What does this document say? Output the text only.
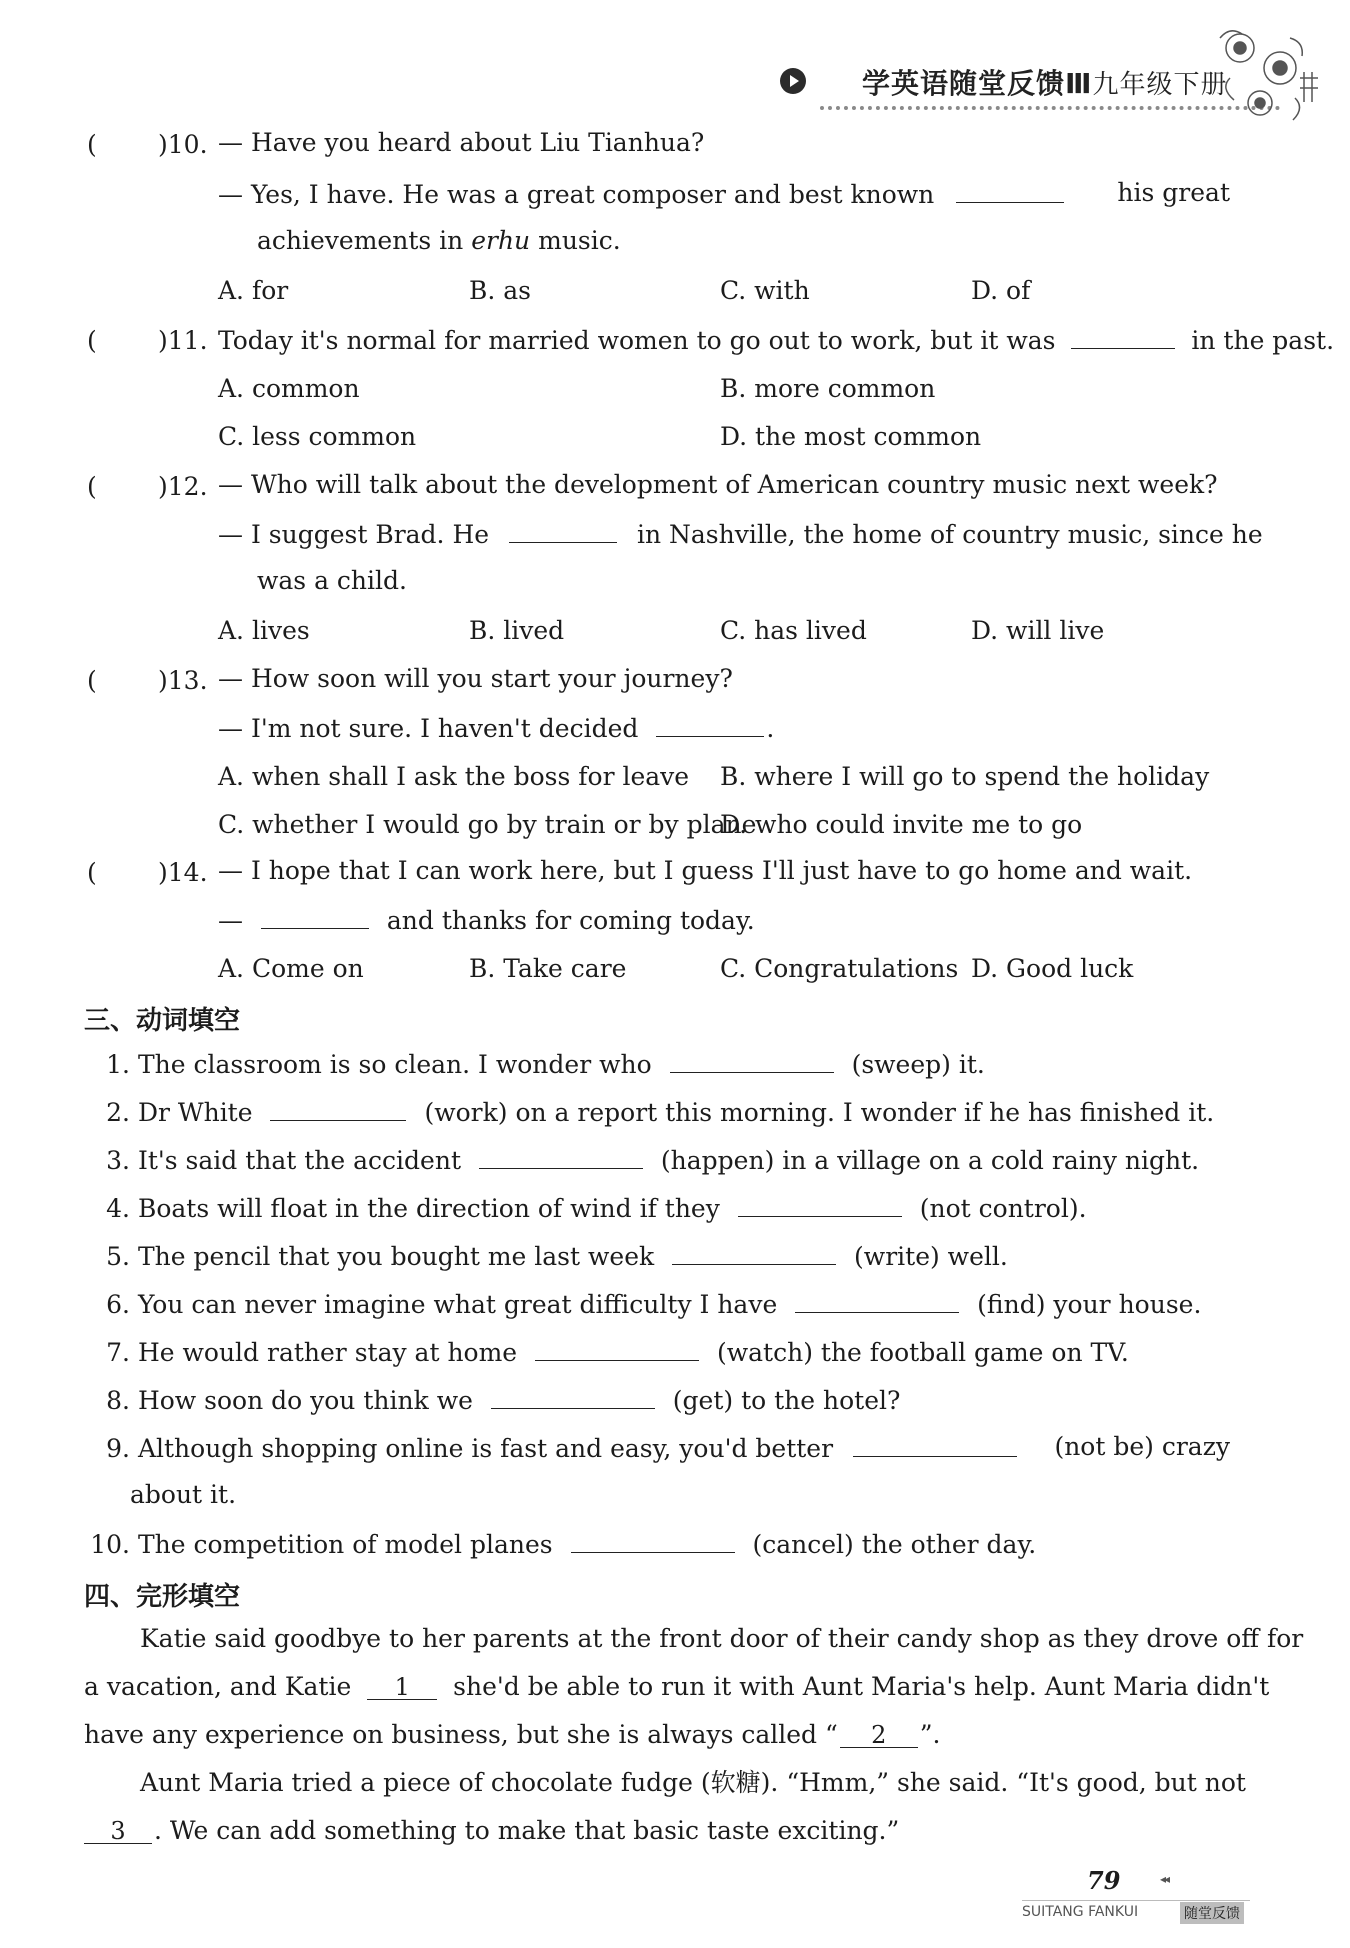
学英语随堂反馈Ⅲ九年级下册
( )10. — Have you heard about Liu Tianhua?
— Yes, I have. He was a great composer and best known	his great
achievements in erhu music.
A. for	B. as	C. with	D. of
( )11. Today it's normal for married women to go out to work, but it was	in the past.
A. common	B. more common
C. less common	D. the most common
( )12. — Who will talk about the development of American country music next week?
— I suggest Brad. He	in Nashville, the home of country music, since he
was a child.
A. lives	B. lived	C. has lived	D. will live
( )13. — How soon will you start your journey?
— I'm not sure. I haven't decided	.
A. when shall I ask the boss for leave B. where I will go to spend the holiday
C. whether I would go by train or by plane
D. who could invite me to go
( )14. — I hope that I can work here, but I guess I'll just have to go home and wait.
—	and thanks for coming today.
A. Come on	B. Take care	C. Congratulations D. Good luck
三、动词填空
1. The classroom is so clean. I wonder who	(sweep) it.
2. Dr White	(work) on a report this morning. I wonder if he has finished it.
3. It's said that the accident	(happen) in a village on a cold rainy night.
4. Boats will float in the direction of wind if they	(not control).
5. The pencil that you bought me last week	(write) well.
6. You can never imagine what great difficulty I have	(find) your house.
7. He would rather stay at home	(watch) the football game on TV.
8. How soon do you think we	(get) to the hotel?
9. Although shopping online is fast and easy, you'd better	(not be) crazy
about it.
10. The competition of model planes	(cancel) the other day.
四、完形填空
Katie said goodbye to her parents at the front door of their candy shop as they drove off for
a vacation, and Katie 1 she'd be able to run it with Aunt Maria's help. Aunt Maria didn't
have any experience on business, but she is always called “ 2 ”.
Aunt Maria tried a piece of chocolate fudge (软糖). “Hmm,” she said. “It's good, but not
3 . We can add something to make that basic taste exciting.”
79	◂◂
SUITANG FANKUI	随堂反馈
